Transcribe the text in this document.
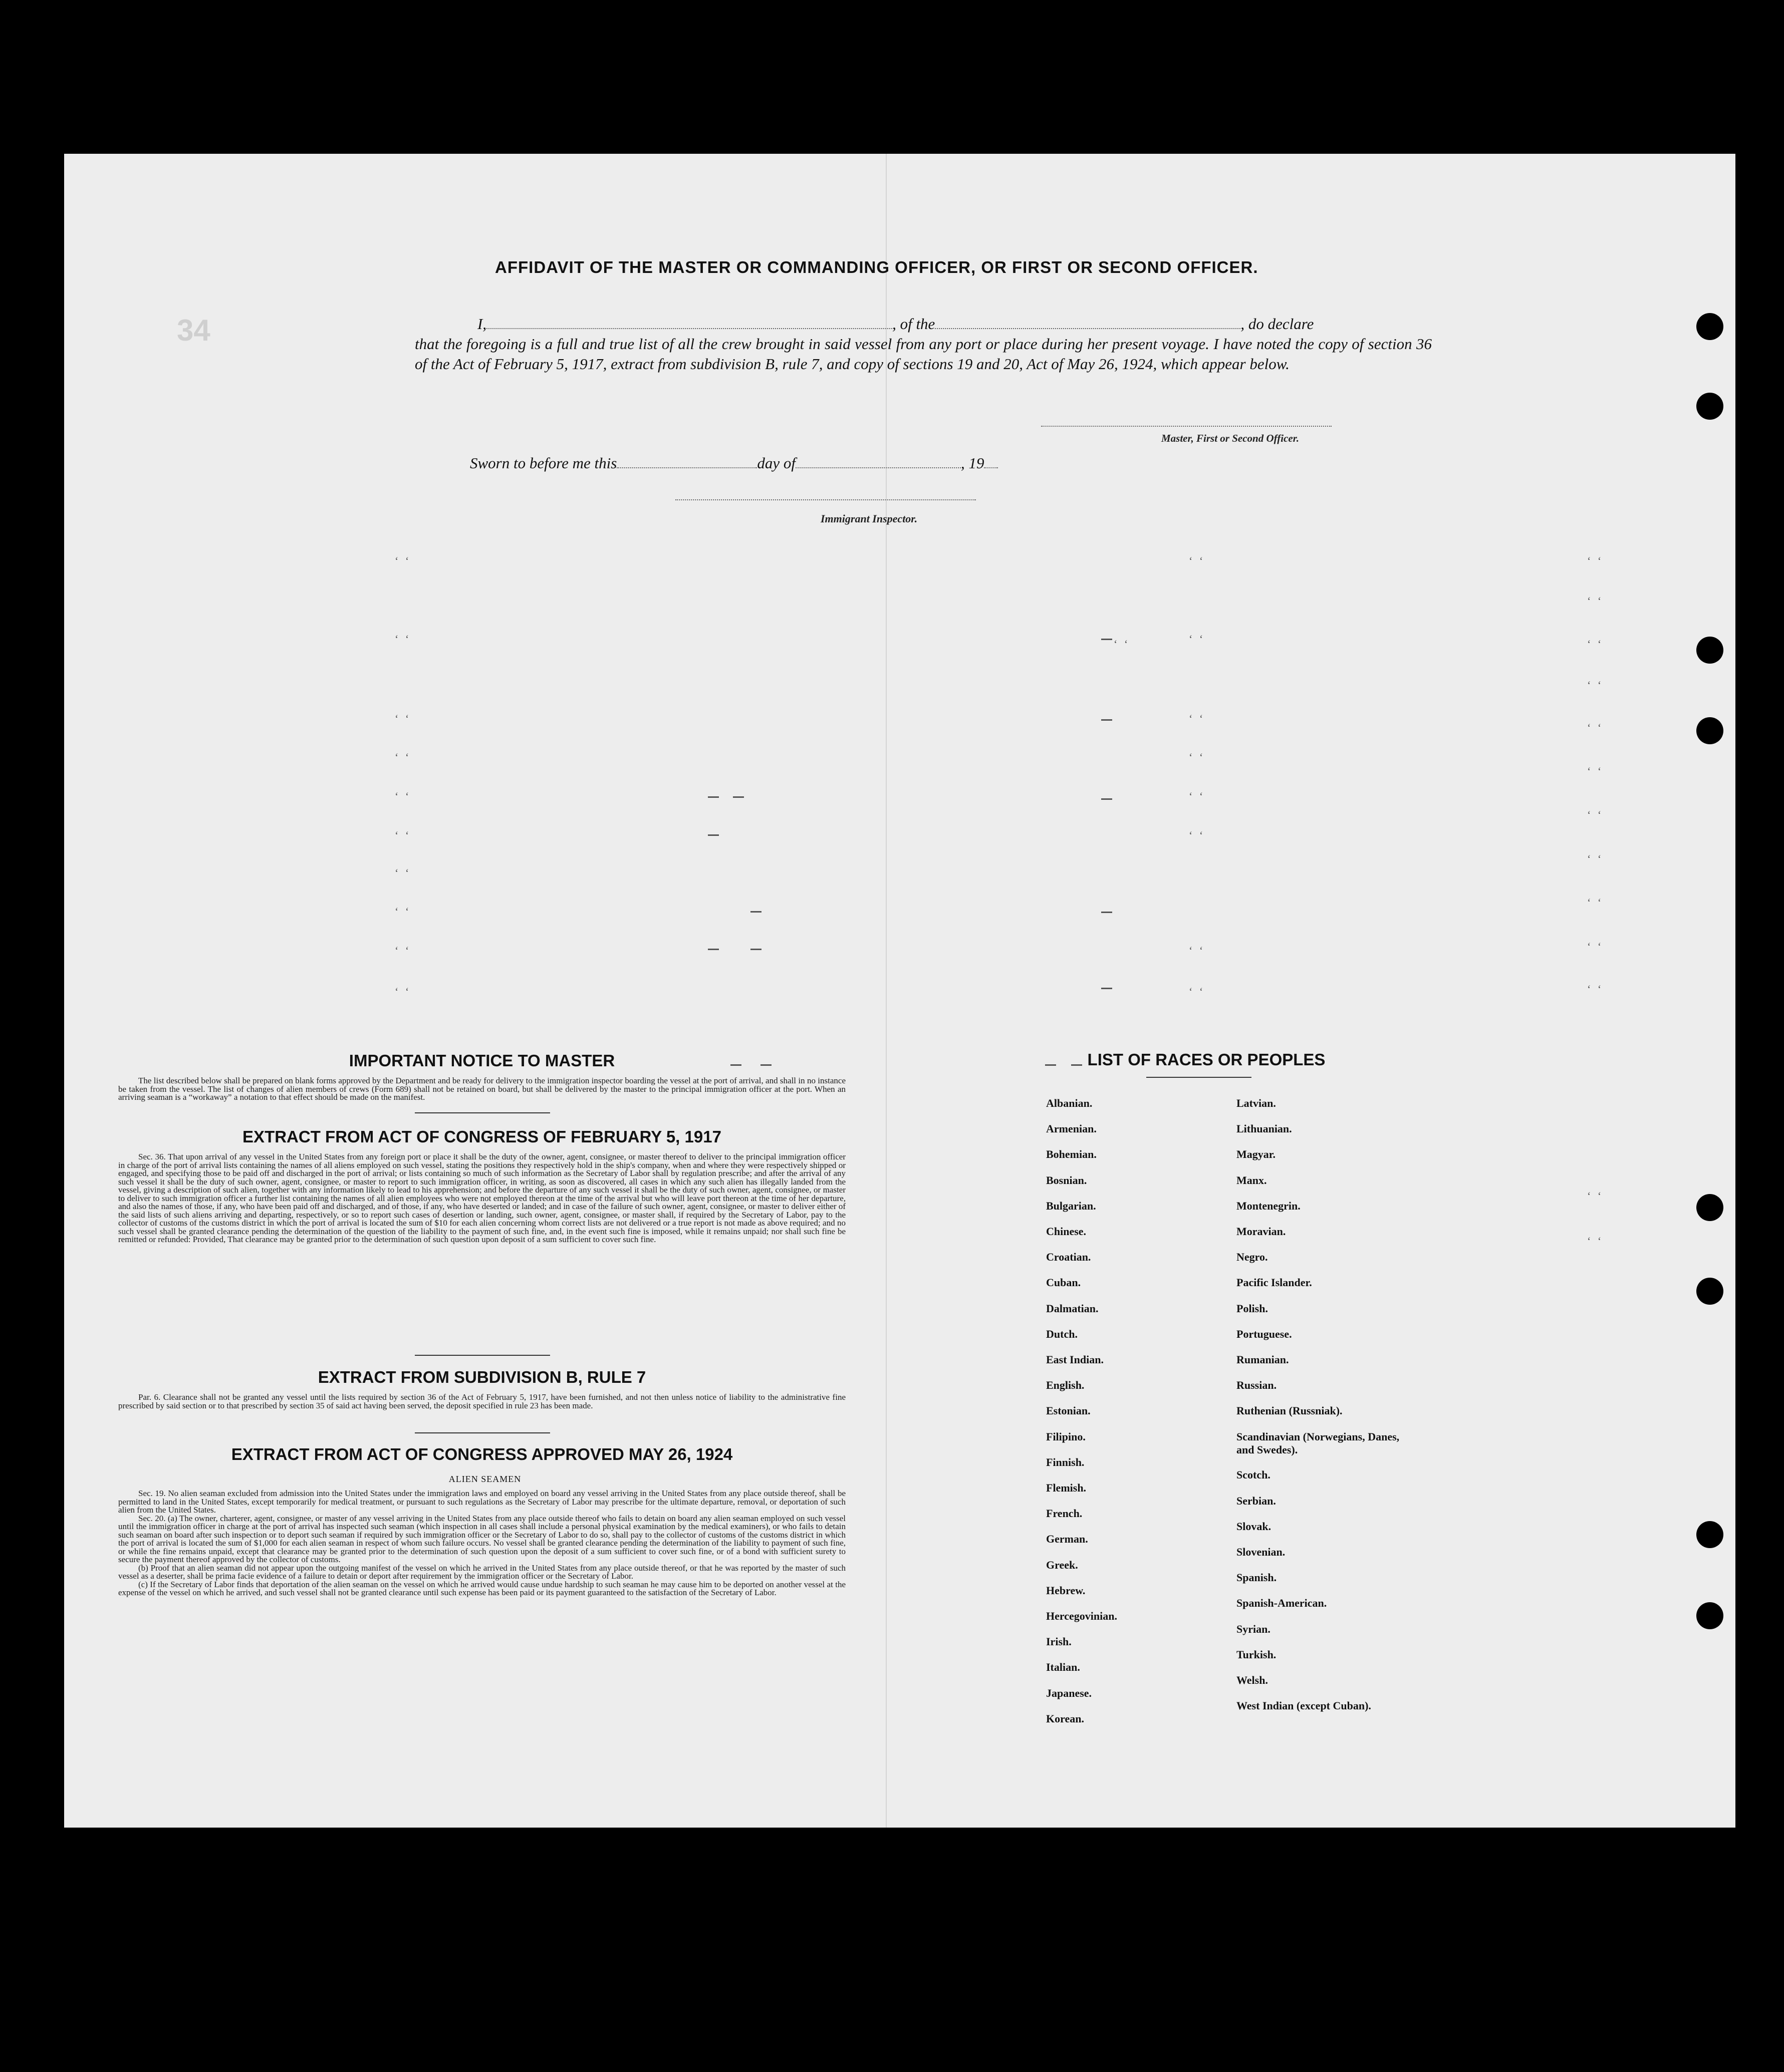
34
AFFIDAVIT OF THE MASTER OR COMMANDING OFFICER, OR FIRST OR SECOND OFFICER.

I,	, of the	, do declare

that the foregoing is a full and true list of all the crew brought in said vessel from any port or place during her present voyage. I have noted the copy of section 36 of the Act of February 5, 1917, extract from subdivision B, rule 7, and copy of sections 19 and 20, Act of May 26, 1924, which appear below.

Master, First or Second Officer.
Sworn to before me this	day of	, 19
Immigrant Inspector.
‘ ‘
‘ ‘
‘ ‘
‘ ‘
‘ ‘
‘ ‘
‘ ‘
‘ ‘
‘ ‘
‘ ‘
‘ ‘
‘ ‘
‘ ‘
‘ ‘
‘ ‘
‘ ‘
‘ ‘
‘ ‘
‘ ‘
‘ ‘
‘ ‘
‘ ‘
‘ ‘
‘ ‘
‘ ‘
‘ ‘
‘ ‘
‘ ‘
‘ ‘
‘ ‘
‘ ‘
‘ ‘
IMPORTANT NOTICE TO MASTER

The list described below shall be prepared on blank forms approved by the Department and be ready for delivery to the immigration inspector boarding the vessel at the port of arrival, and shall in no instance be taken from the vessel. The list of changes of alien members of crews (Form 689) shall not be retained on board, but shall be delivered by the master to the principal immigration officer at the port. When an arriving seaman is a “workaway” a notation to that effect should be made on the manifest.

EXTRACT FROM ACT OF CONGRESS OF FEBRUARY 5, 1917

Sec. 36. That upon arrival of any vessel in the United States from any foreign port or place it shall be the duty of the owner, agent, consignee, or master thereof to deliver to the principal immigration officer in charge of the port of arrival lists containing the names of all aliens employed on such vessel, stating the positions they respectively hold in the ship's company, when and where they were respectively shipped or engaged, and specifying those to be paid off and discharged in the port of arrival; or lists containing so much of such information as the Secretary of Labor shall by regulation prescribe; and after the arrival of any such vessel it shall be the duty of such owner, agent, consignee, or master to report to such immigration officer, in writing, as soon as discovered, all cases in which any such alien has illegally landed from the vessel, giving a description of such alien, together with any information likely to lead to his apprehension; and before the departure of any such vessel it shall be the duty of such owner, agent, consignee, or master to deliver to such immigration officer a further list containing the names of all alien employees who were not employed thereon at the time of the arrival but who will leave port thereon at the time of her departure, and also the names of those, if any, who have been paid off and discharged, and of those, if any, who have deserted or landed; and in case of the failure of such owner, agent, consignee, or master to deliver either of the said lists of such aliens arriving and departing, respectively, or so to report such cases of desertion or landing, such owner, agent, consignee, or master shall, if required by the Secretary of Labor, pay to the collector of customs of the customs district in which the port of arrival is located the sum of $10 for each alien concerning whom correct lists are not delivered or a true report is not made as above required; and no such vessel shall be granted clearance pending the determination of the question of the liability to the payment of such fine, and, in the event such fine is imposed, while it remains unpaid; nor shall such fine be remitted or refunded: Provided, That clearance may be granted prior to the determination of such question upon deposit of a sum sufficient to cover such fine.

EXTRACT FROM SUBDIVISION B, RULE 7

Par. 6. Clearance shall not be granted any vessel until the lists required by section 36 of the Act of February 5, 1917, have been furnished, and not then unless notice of liability to the administrative fine prescribed by said section or to that prescribed by section 35 of said act having been served, the deposit specified in rule 23 has been made.

EXTRACT FROM ACT OF CONGRESS APPROVED MAY 26, 1924
ALIEN SEAMEN

Sec. 19. No alien seaman excluded from admission into the United States under the immigration laws and employed on board any vessel arriving in the United States from any place outside thereof, shall be permitted to land in the United States, except temporarily for medical treatment, or pursuant to such regulations as the Secretary of Labor may prescribe for the ultimate departure, removal, or deportation of such alien from the United States.

Sec. 20. (a) The owner, charterer, agent, consignee, or master of any vessel arriving in the United States from any place outside thereof who fails to detain on board any alien seaman employed on such vessel until the immigration officer in charge at the port of arrival has inspected such seaman (which inspection in all cases shall include a personal physical examination by the medical examiners), or who fails to detain such seaman on board after such inspection or to deport such seaman if required by such immigration officer or the Secretary of Labor to do so, shall pay to the collector of customs of the customs district in which the port of arrival is located the sum of $1,000 for each alien seaman in respect of whom such failure occurs. No vessel shall be granted clearance pending the determination of the liability to payment of such fine, or while the fine remains unpaid, except that clearance may be granted prior to the determination of such question upon the deposit of a sum sufficient to cover such fine, or of a bond with sufficient surety to secure the payment thereof approved by the collector of customs.

(b) Proof that an alien seaman did not appear upon the outgoing manifest of the vessel on which he arrived in the United States from any place outside thereof, or that he was reported by the master of such vessel as a deserter, shall be prima facie evidence of a failure to detain or deport after requirement by the immigration officer or the Secretary of Labor.

(c) If the Secretary of Labor finds that deportation of the alien seaman on the vessel on which he arrived would cause undue hardship to such seaman he may cause him to be deported on another vessel at the expense of the vessel on which he arrived, and such vessel shall not be granted clearance until such expense has been paid or its payment guaranteed to the satisfaction of the Secretary of Labor.

LIST OF RACES OR PEOPLES
Albanian.
Armenian.
Bohemian.
Bosnian.
Bulgarian.
Chinese.
Croatian.
Cuban.
Dalmatian.
Dutch.
East Indian.
English.
Estonian.
Filipino.
Finnish.
Flemish.
French.
German.
Greek.
Hebrew.
Hercegovinian.
Irish.
Italian.
Japanese.
Korean.
Latvian.
Lithuanian.
Magyar.
Manx.
Montenegrin.
Moravian.
Negro.
Pacific Islander.
Polish.
Portuguese.
Rumanian.
Russian.
Ruthenian (Russniak).
Scandinavian (Norwegians, Danes, and Swedes).
Scotch.
Serbian.
Slovak.
Slovenian.
Spanish.
Spanish-American.
Syrian.
Turkish.
Welsh.
West Indian (except Cuban).
